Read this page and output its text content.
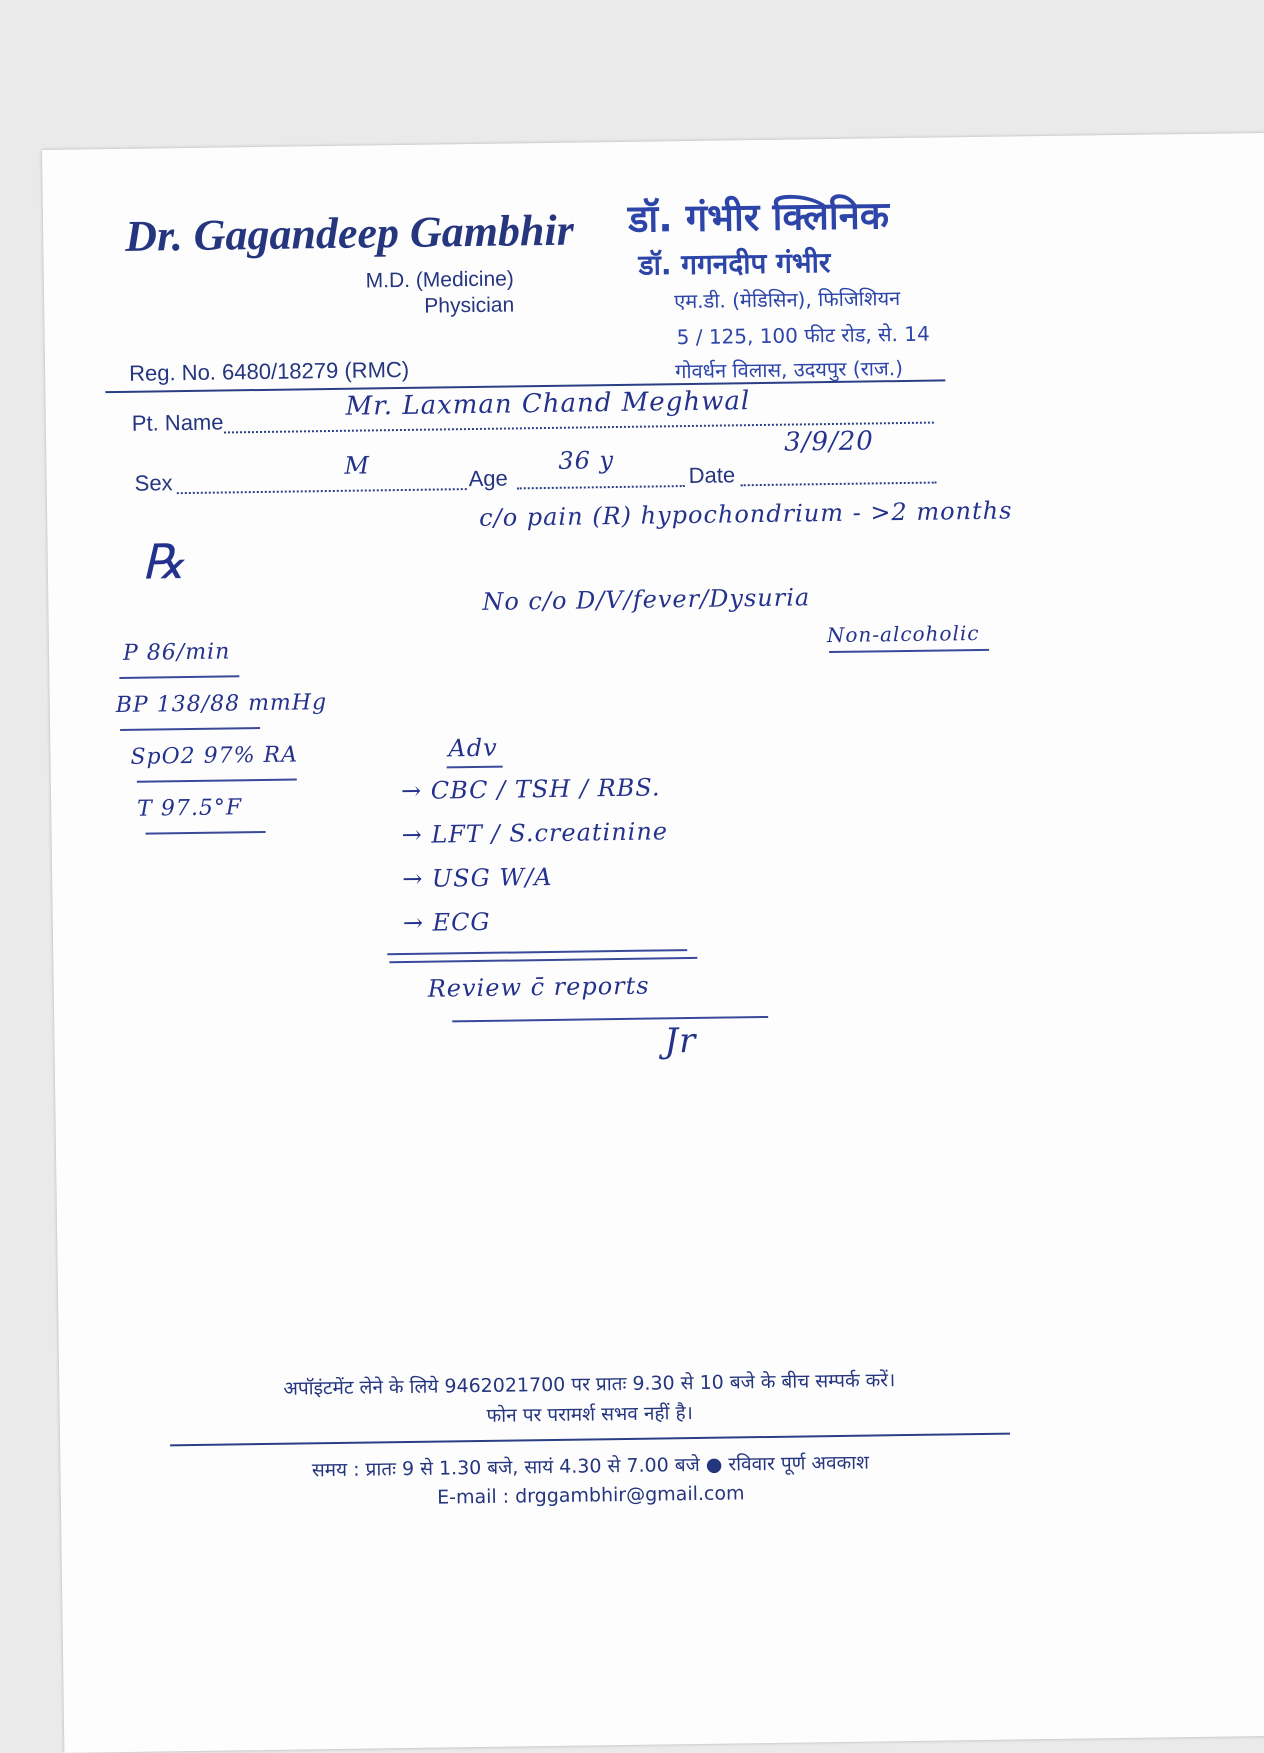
Dr. Gagandeep Gambhir
M.D. (Medicine)
Physician
डॉ. गंभीर क्लिनिक
डॉ. गगनदीप गंभीर
एम.डी. (मेडिसिन), फिजिशियन
5 / 125, 100 फीट रोड, से. 14
गोवर्धन विलास, उदयपुर (राज.)
Reg. No. 6480/18279 (RMC)
Pt. Name
Mr. Laxman Chand Meghwal
Sex
M	Age
36 y
Date
3/9/20
c/o pain (R) hypochondrium - >2 months
℞
No c/o D/V/fever/Dysuria
Non-alcoholic
P 86/min
BP 138/88 mmHg
SpO2 97% RA
T 97.5°F
Adv
→ CBC / TSH / RBS.
→ LFT / S.creatinine
→ USG W/A
→ ECG
Review c̄ reports
Jr
अपॉइंटमेंट लेने के लिये 9462021700 पर प्रातः 9.30 से 10 बजे के बीच सम्पर्क करें।
फोन पर परामर्श सभव नहीं है।
समय : प्रातः 9 से 1.30 बजे, सायं 4.30 से 7.00 बजे ● रविवार पूर्ण अवकाश
E-mail : drggambhir@gmail.com
